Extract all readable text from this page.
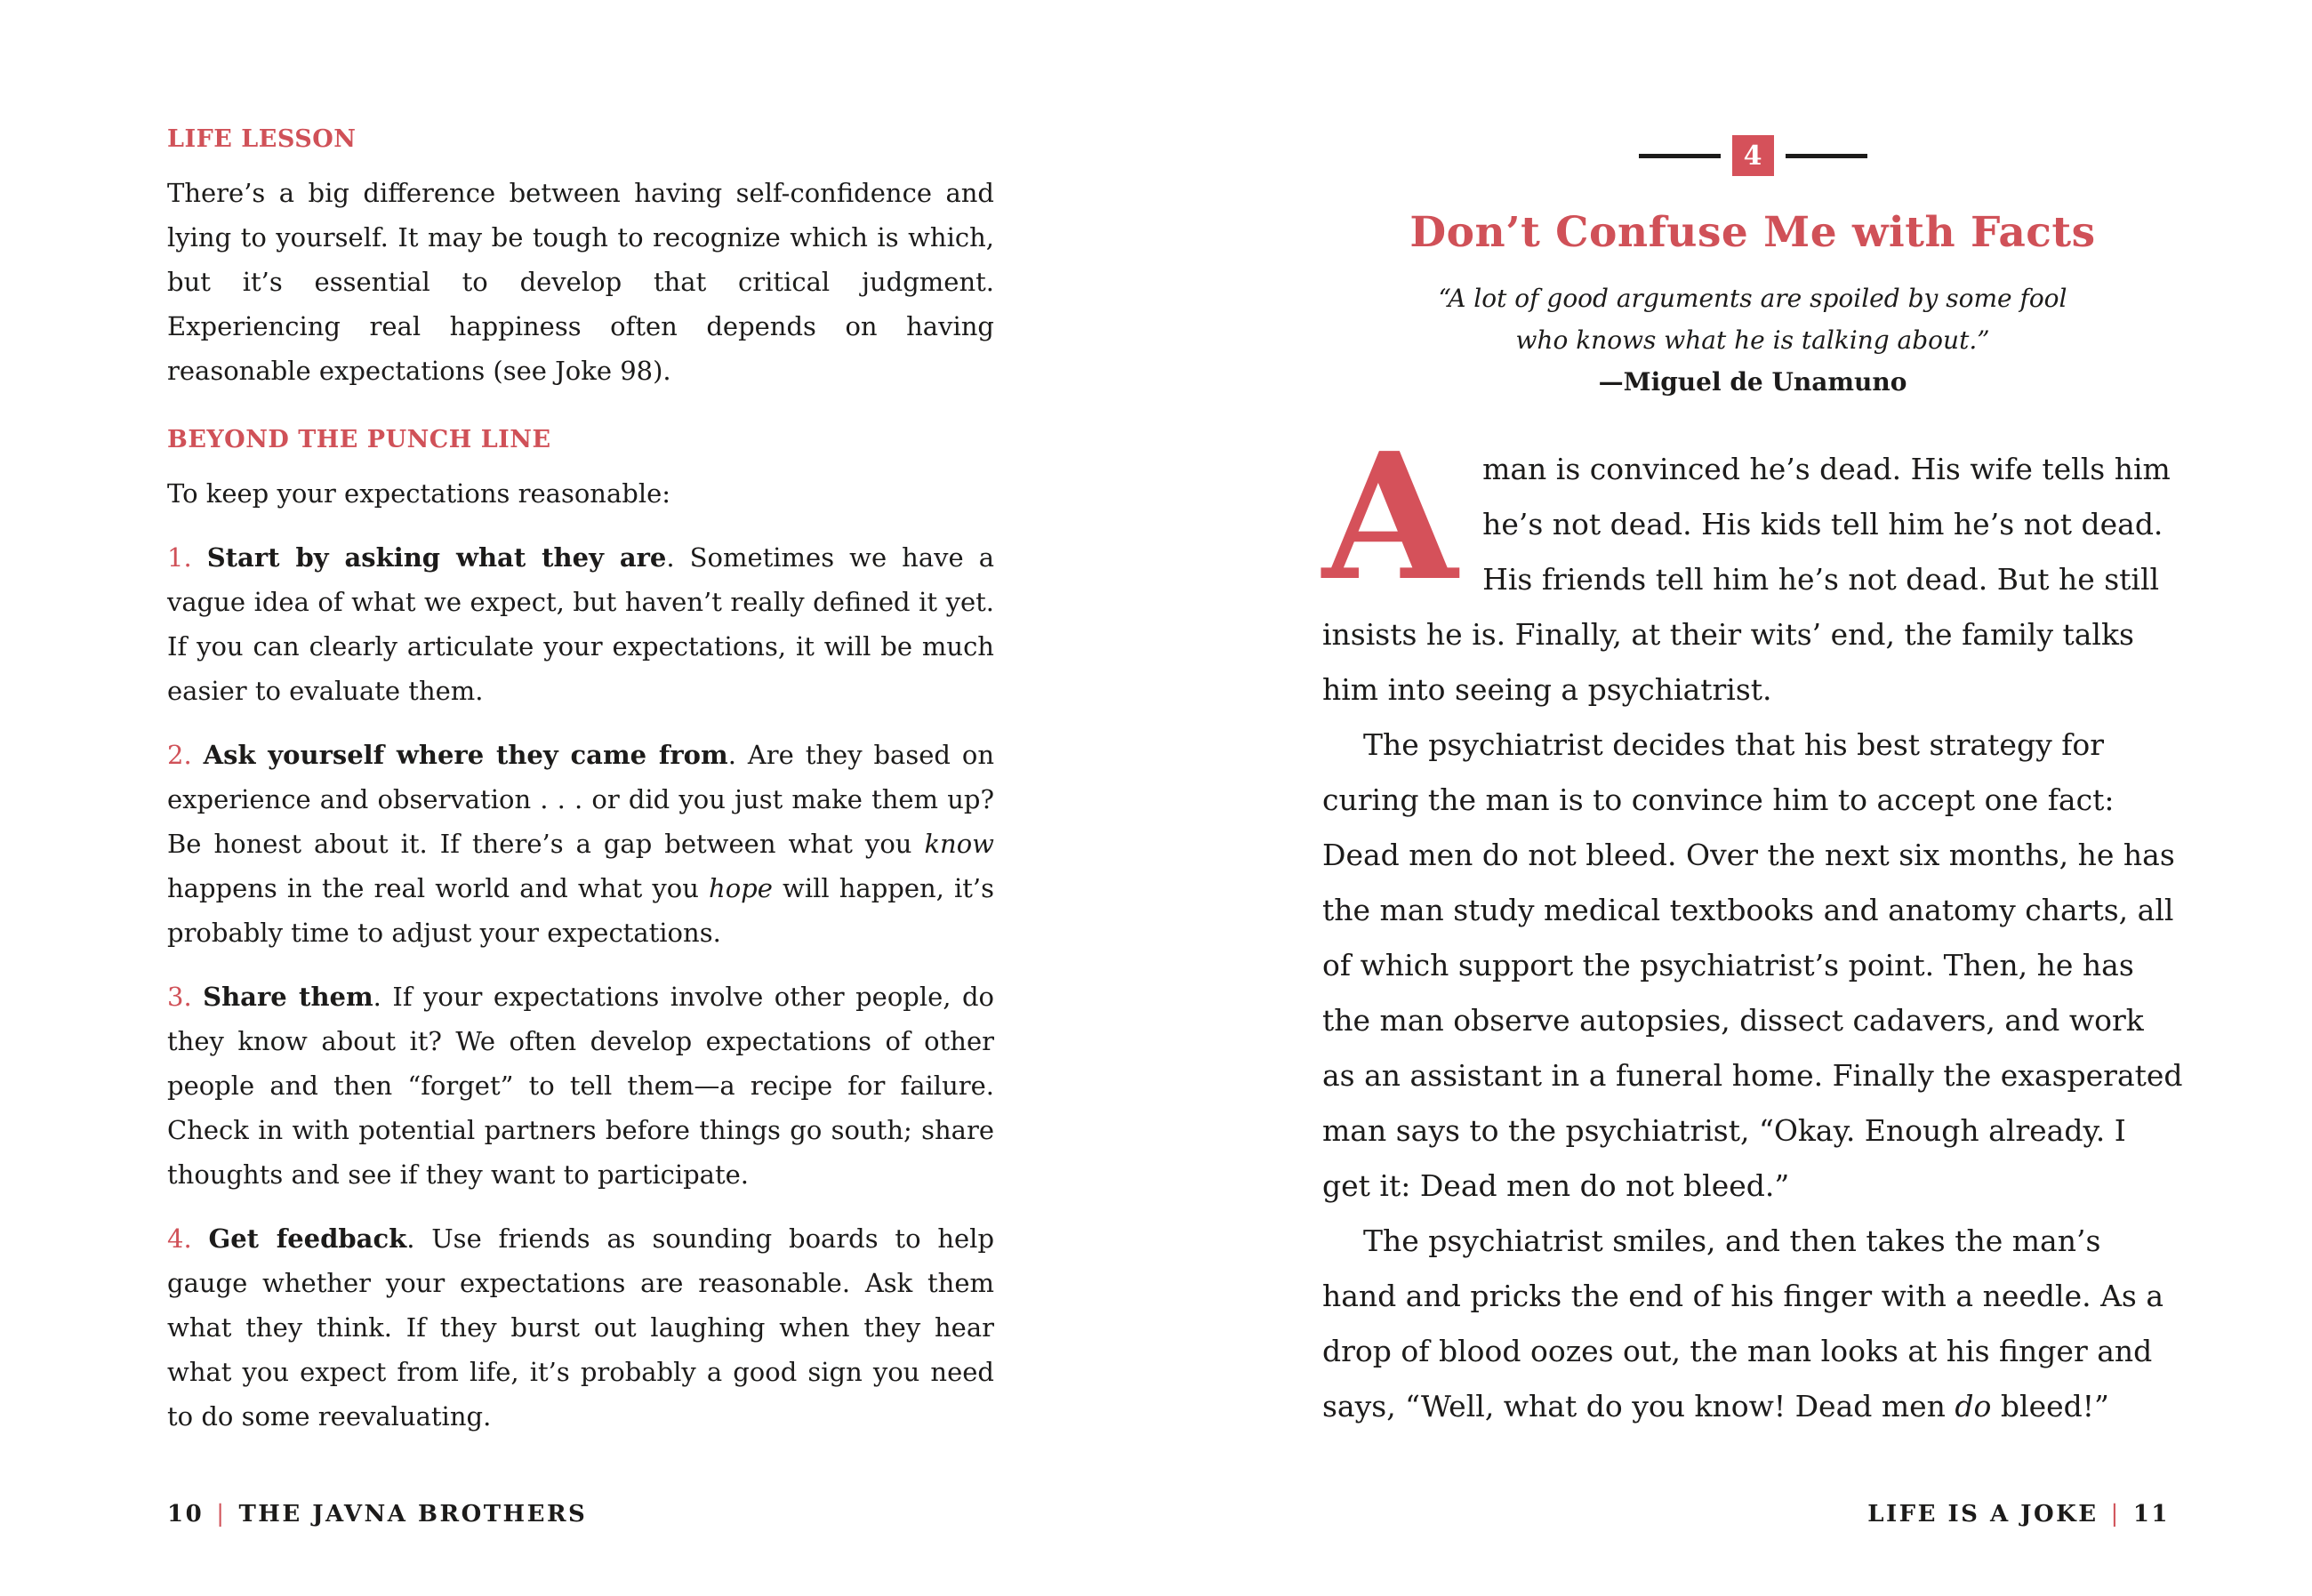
LIFE LESSON

There’s a big difference between having self-confidence and lying to yourself. It may be tough to recognize which is which, but it’s essential to develop that critical judgment. Experiencing real happiness often depends on having reasonable expectations (see Joke 98).

BEYOND THE PUNCH LINE

To keep your expectations reasonable:

1. Start by asking what they are. Sometimes we have a vague idea of what we expect, but haven’t really defined it yet. If you can clearly articulate your expectations, it will be much easier to evaluate them.

2. Ask yourself where they came from. Are they based on experience and observation . . . or did you just make them up? Be honest about it. If there’s a gap between what you know happens in the real world and what you hope will happen, it’s probably time to adjust your expectations.

3. Share them. If your expectations involve other people, do they know about it? We often develop expectations of other people and then “forget” to tell them—a recipe for failure. Check in with potential partners before things go south; share thoughts and see if they want to participate.

4. Get feedback. Use friends as sounding boards to help gauge whether your expectations are reasonable. Ask them what they think. If they burst out laughing when they hear what you expect from life, it’s probably a good sign you need to do some reevaluating.

10 | THE JAVNA BROTHERS
4
Don’t Confuse Me with Facts
“A lot of good arguments are spoiled by some fool
who knows what he is talking about.”
—Miguel de Unamuno

Aman is convinced he’s dead. His wife tells him he’s not dead. His kids tell him he’s not dead. His friends tell him he’s not dead. But he still insists he is. Finally, at their wits’ end, the family talks him into seeing a psychiatrist.

The psychiatrist decides that his best strategy for curing the man is to convince him to accept one fact: Dead men do not bleed. Over the next six months, he has the man study medical textbooks and anatomy charts, all of which support the psychiatrist’s point. Then, he has the man observe autopsies, dissect cadavers, and work as an assistant in a funeral home. Finally the exasperated man says to the psychiatrist, “Okay. Enough already. I get it: Dead men do not bleed.”

The psychiatrist smiles, and then takes the man’s hand and pricks the end of his finger with a needle. As a drop of blood oozes out, the man looks at his finger and says, “Well, what do you know! Dead men do bleed!”

LIFE IS A JOKE | 11
